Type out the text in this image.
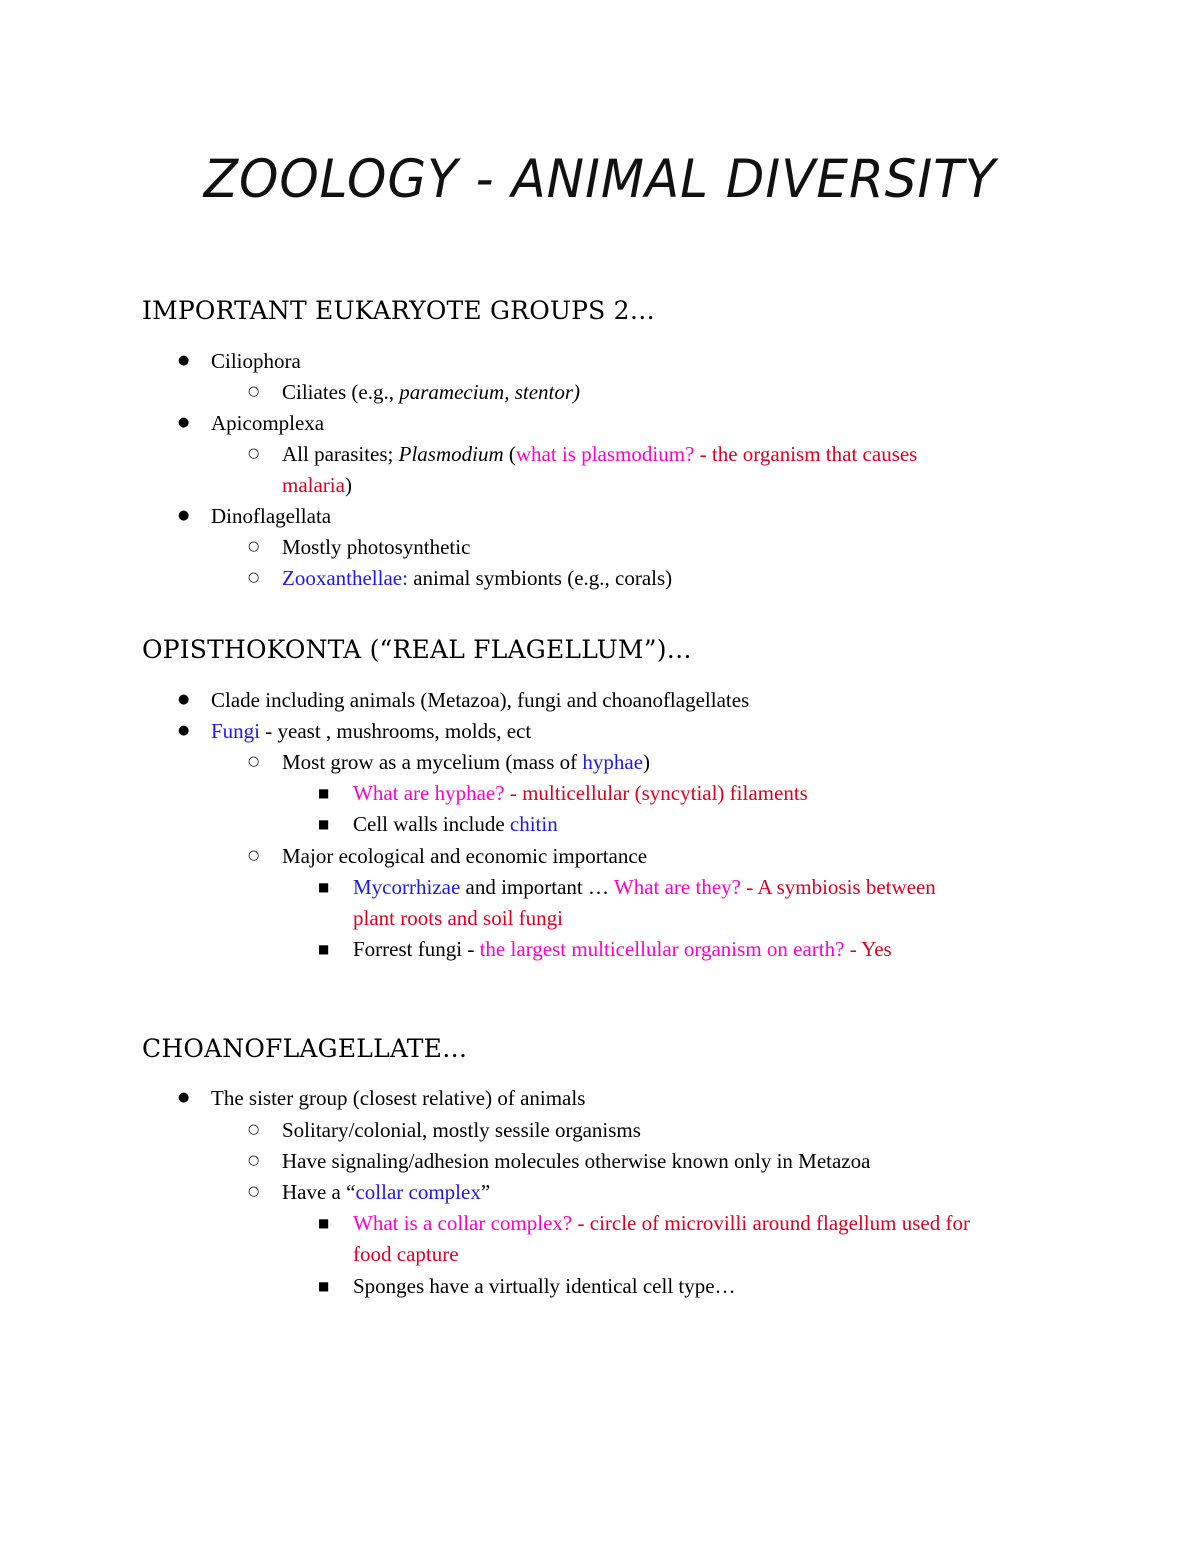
ZOOLOGY - ANIMAL DIVERSITY
IMPORTANT EUKARYOTE GROUPS 2…
●

Ciliophora

○

Ciliates (e.g., paramecium, stentor)

●

Apicomplexa

○

All parasites; Plasmodium (what is plasmodium? - the organism that causes

malaria)

●

Dinoflagellata

○

Mostly photosynthetic

○

Zooxanthellae: animal symbionts (e.g., corals)

OPISTHOKONTA (“REAL FLAGELLUM”)…
●

Clade including animals (Metazoa), fungi and choanoflagellates

●

Fungi - yeast , mushrooms, molds, ect

○

Most grow as a mycelium (mass of hyphae)

■

What are hyphae? - multicellular (syncytial) filaments

■

Cell walls include chitin

○

Major ecological and economic importance

■

Mycorrhizae and important … What are they? - A symbiosis between

plant roots and soil fungi

■

Forrest fungi - the largest multicellular organism on earth? - Yes

CHOANOFLAGELLATE…
●

The sister group (closest relative) of animals

○

Solitary/colonial, mostly sessile organisms

○

Have signaling/adhesion molecules otherwise known only in Metazoa

○

Have a “collar complex”

■

What is a collar complex? - circle of microvilli around flagellum used for

food capture

■

Sponges have a virtually identical cell type…
